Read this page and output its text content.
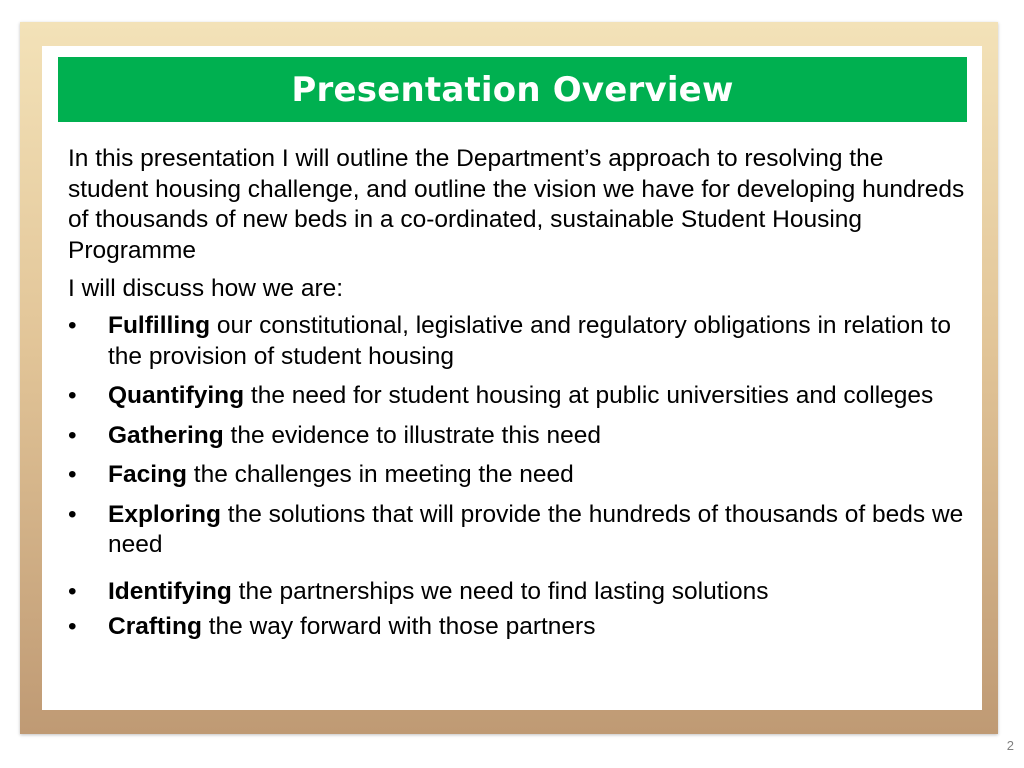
Presentation Overview

In this presentation I will outline the Department’s approach to resolving the student housing challenge, and outline the vision we have for developing hundreds of thousands of new beds in a co-ordinated, sustainable Student Housing Programme

I will discuss how we are:

• Fulfilling our constitutional, legislative and regulatory obligations in relation to the provision of student housing
• Quantifying the need for student housing at public universities and colleges
• Gathering the evidence to illustrate this need
• Facing the challenges in meeting the need
• Exploring the solutions that will provide the hundreds of thousands of beds we need
• Identifying the partnerships we need to find lasting solutions
• Crafting the way forward with those partners
2
